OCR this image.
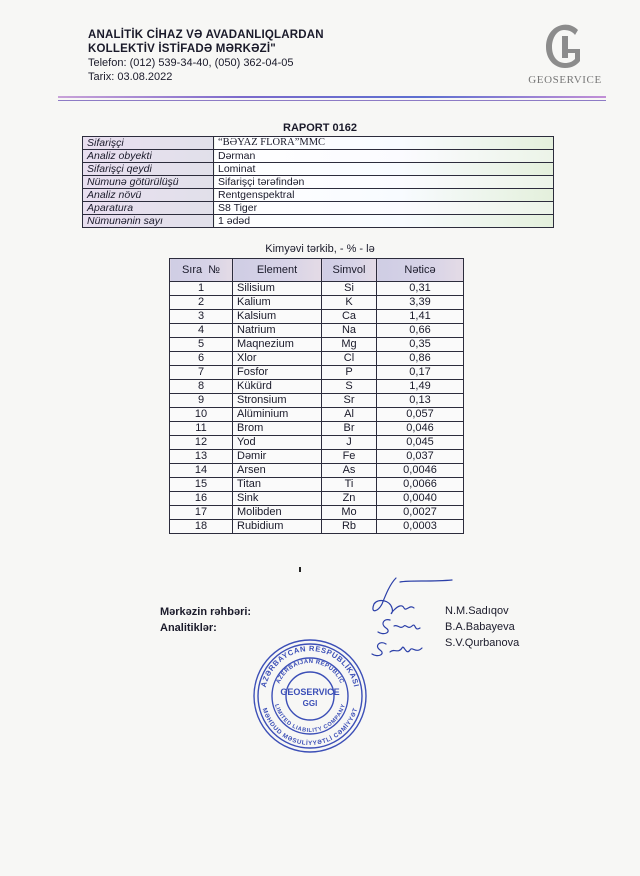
ANALİTİK CİHAZ VƏ AVADANLIQLARDAN
KOLLEKTİV İSTİFADƏ MƏRKƏZİ"
Telefon: (012) 539-34-40, (050) 362-04-05
Tarix: 03.08.2022	GEOSERVICE
RAPORT 0162
Sifarişçi	“BƏYAZ FLORA”MMC
Analiz obyekti	Dərman
Sifarişçi qeydi	Lominat
Nümunə götürülüşü	Sifarişçi tərəfindən
Analiz növü	Rentgenspektral
Aparatura	S8 Tiger
Nümunənin sayı	1 ədəd
Kimyəvi tərkib, - % - lə
Sıra №	Element	Simvol	Nəticə
1	Silisium	Si	0,31
2	Kalium	K	3,39
3	Kalsium	Ca	1,41
4	Natrium	Na	0,66
5	Maqnezium	Mg	0,35
6	Xlor	Cl	0,86
7	Fosfor	P	0,17
8	Kükürd	S	1,49
9	Stronsium	Sr	0,13
10	Alüminium	Al	0,057
11	Brom	Br	0,046
12	Yod	J	0,045
13	Dəmir	Fe	0,037
14	Arsen	As	0,0046
15	Titan	Ti	0,0066
16	Sink	Zn	0,0040
17	Molibden	Mo	0,0027
18	Rubidium	Rb	0,0003
Mərkəzin rəhbəri:
Analitiklər:
N.M.Sadıqov
B.A.Babayeva
S.V.Qurbanova
AZƏRBAYCAN RESPUBLİKASI
AZERBAIJAN REPUBLIC
LIMITED LIABILITY COMPANY
MƏHDUD MƏSULİYYƏTLİ CƏMİYYƏT
GEOSERVICE
GGI
